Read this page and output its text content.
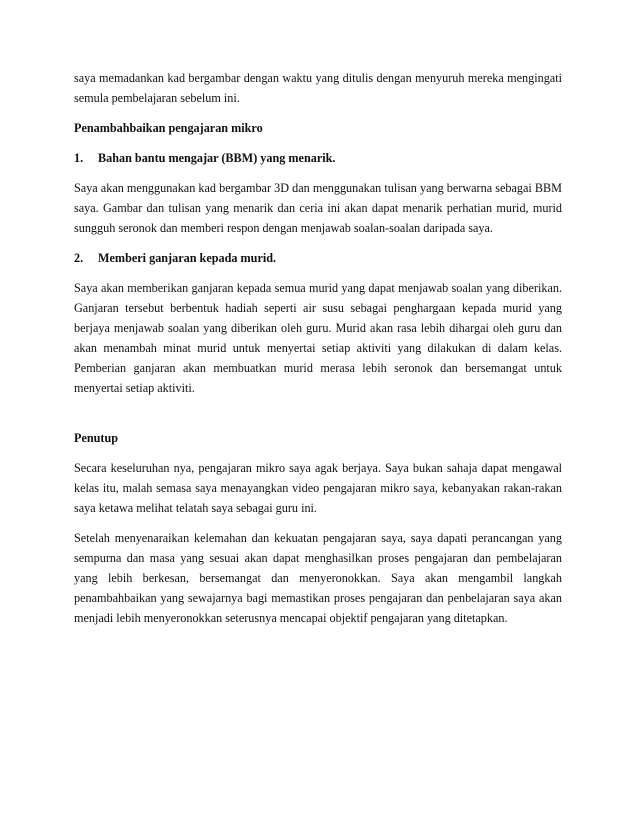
saya memadankan kad bergambar dengan waktu yang ditulis dengan menyuruh mereka mengingati semula pembelajaran sebelum ini.

Penambahbaikan pengajaran mikro

1.	Bahan bantu mengajar (BBM) yang menarik.

Saya akan menggunakan kad bergambar 3D dan menggunakan tulisan yang berwarna sebagai BBM saya. Gambar dan tulisan yang menarik dan ceria ini akan dapat menarik perhatian murid, murid sungguh seronok dan memberi respon dengan menjawab soalan-soalan daripada saya.

2.	Memberi ganjaran kepada murid.

Saya akan memberikan ganjaran kepada semua murid yang dapat menjawab soalan yang diberikan. Ganjaran tersebut berbentuk hadiah seperti air susu sebagai penghargaan kepada murid yang berjaya menjawab soalan yang diberikan oleh guru. Murid akan rasa lebih dihargai oleh guru dan akan menambah minat murid untuk menyertai setiap aktiviti yang dilakukan di dalam kelas. Pemberian ganjaran akan membuatkan murid merasa lebih seronok dan bersemangat untuk menyertai setiap aktiviti.

Penutup

Secara keseluruhan nya, pengajaran mikro saya agak berjaya. Saya bukan sahaja dapat mengawal kelas itu, malah semasa saya menayangkan video pengajaran mikro saya, kebanyakan rakan-rakan saya ketawa melihat telatah saya sebagai guru ini.

Setelah menyenaraikan kelemahan dan kekuatan pengajaran saya, saya dapati perancangan yang sempurna dan masa yang sesuai akan dapat menghasilkan proses pengajaran dan pembelajaran yang lebih berkesan, bersemangat dan menyeronokkan. Saya akan mengambil langkah penambahbaikan yang sewajarnya bagi memastikan proses pengajaran dan penbelajaran saya akan menjadi lebih menyeronokkan seterusnya mencapai objektif pengajaran yang ditetapkan.
